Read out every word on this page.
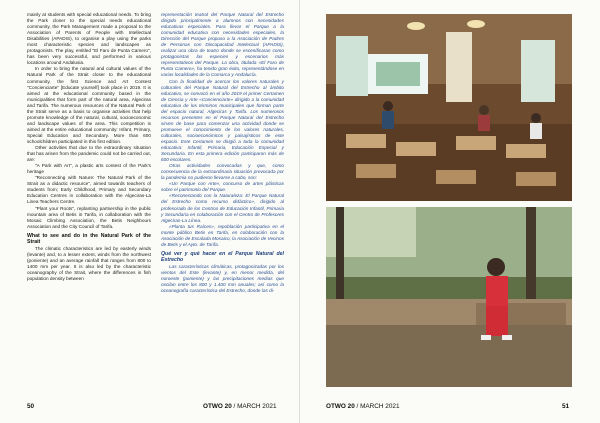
mainly at students with special educational needs. To bring the Park closer to the special needs educational community, the Park Management made a proposal to the Association of Parents of People with Intellectual Disabilities (APADIS), to organise a play using the parks most characteristic species and landscapes as protagonists. The play, entitled "El Faro de Punta Camero", has been very successful, and performed in various locations around Andalusia.

In order to bring the natural and cultural values of the Natural Park of the Strait closer to the educational community, the first Science and Art Contest "Concienciarte" [Educate yourself] took place in 2019. It is aimed at the educational community based in the municipalities that form part of the natural area, Algeciras and Tarifa. The numerous resources of the Natural Park of the Strait serve as a basis to organise activities that help promote knowledge of the natural, cultural, socioeconomic and landscape values of the area. This competition is aimed at the entire educational community: Infant, Primary, Special Education and Secondary. More than 600 schoolchildren participated in this first edition.

Other activities that due to the extraordinary situation that has arisen from the pandemic could not be carried out, are:

"A Park with Art", a plastic arts contest of the Park's heritage

"Reconnecting with Nature: The Natural Park of the Strait as a didactic resource", aimed towards teachers of students from; Early Childhood, Primary and Secondary Education Centres in collaboration with the Algeciras-La Linea Teachers Centre.

"Plant your Roots", replanting partnership in the public mountain area of Betis in Tarifa, in collaboration with the Mosaic Climbing Association, the Betis Neighbours Association and the City Council of Tarifa.

What to see and do in the Natural Park of the Strait

The climatic characteristics are led by easterly winds (levante) and, to a lesser extent, winds from the northwest (poniente) and an average rainfall that ranges from 800 to 1400 mm per year. It is also led by the characteristic oceanography of the Strait, where the differences in fish population density between

representación teatral del Parque Natural del Estrecho dirigido principalmente a alumnos con necesidades educativas especiales. Para llevar el Parque a la comunidad educativa con necesidades especiales, la Dirección del Parque propuso a la Asociación de Padres de Personas con Discapacidad Intelectual (APADIS), realizar una obra de teatro donde se escenificaran como protagonistas las especies y escenarios más representativos del Parque. La obra, titulada «El Faro de Punta Camero», ha tenido gran éxito, representándose en varias localidades de la Comarca y Andalucía.

Con la finalidad de acercar los valores naturales y culturales del Parque Natural del Estrecho al ámbito educativo, se convocó en el año 2019 el primer Certamen de Ciencia y Arte «Concienciarte» dirigido a la comunidad educativa de los términos municipales que forman parte del espacio natural, Algeciras y Tarifa. Los numerosos recursos presentes en el Parque Natural del Estrecho sirven de base para comenzar una actividad donde se promueve el conocimiento de los valores naturales, culturales, socioeconómicos y paisajísticos de este espacio. Este Certamen se dirigió a toda la comunidad educativa: Infantil, Primaria, Educación Especial y Secundaria. En esta primera edición participaron más de 600 escolares.

Otras actividades convocadas y que, como consecuencia de la extraordinaria situación provocada por la pandemia no pudieron llevarse a cabo, son:

«Un Parque con Arte», concurso de artes plásticas sobre el patrimonio del Parque.

«Reconectando con la Naturaleza: El Parque Natural del Estrecho como recurso didáctico», dirigido al profesorado de los Centros de Educación Infantil, Primaria y Secundaria en colaboración con el Centro de Profesores Algeciras-La Línea.

«Planta tus Raíces», repoblación participativa en el monte público Betis en Tarifa, en colaboración con la Asociación de Escalada Mosaico, la Asociación de Vecinos de Betis y el Ayto. de Tarifa.

Qué ver y qué hacer en el Parque Natural del Estrecho

Las características climáticas, protagonizadas por los vientos del Este (levante) y, en menor medida, del noroeste (poniente) y las precipitaciones medias que oscilan entre los 800 y 1.400 mm anuales; así como la oceanografía característica del Estrecho, donde las di-

50	OTWO 20 / MARCH 2021	OTWO 20 / MARCH 2021	51
